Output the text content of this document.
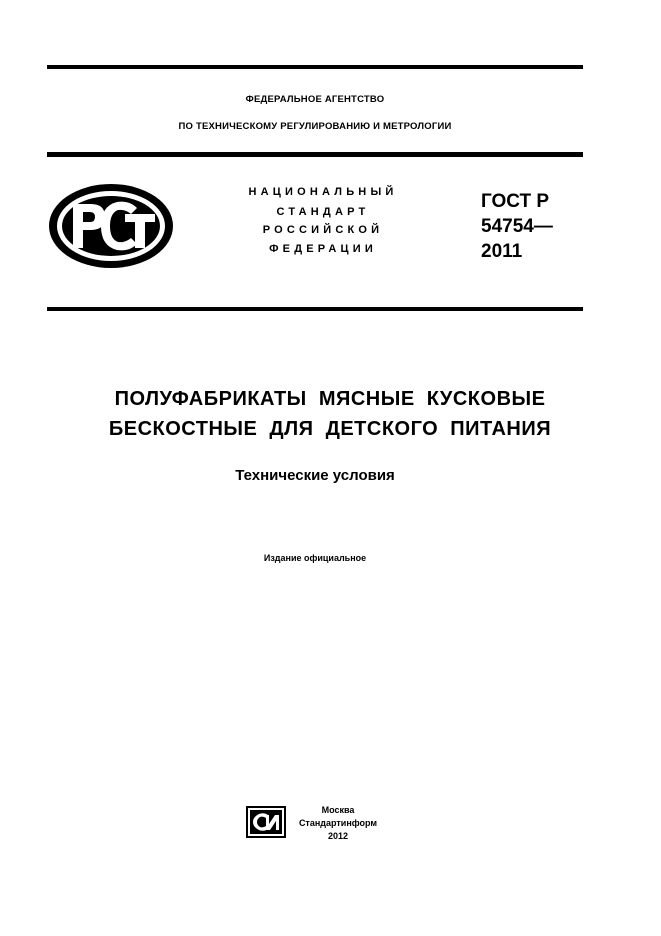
ФЕДЕРАЛЬНОЕ АГЕНТСТВО
ПО ТЕХНИЧЕСКОМУ РЕГУЛИРОВАНИЮ И МЕТРОЛОГИИ
НАЦИОНАЛЬНЫЙ
СТАНДАРТ
РОССИЙСКОЙ
ФЕДЕРАЦИИ
ГОСТ Р
54754—
2011
ПОЛУФАБРИКАТЫ МЯСНЫЕ КУСКОВЫЕ
БЕСКОСТНЫЕ ДЛЯ ДЕТСКОГО ПИТАНИЯ
Технические условия
Издание официальное
Москва
Стандартинформ
2012
